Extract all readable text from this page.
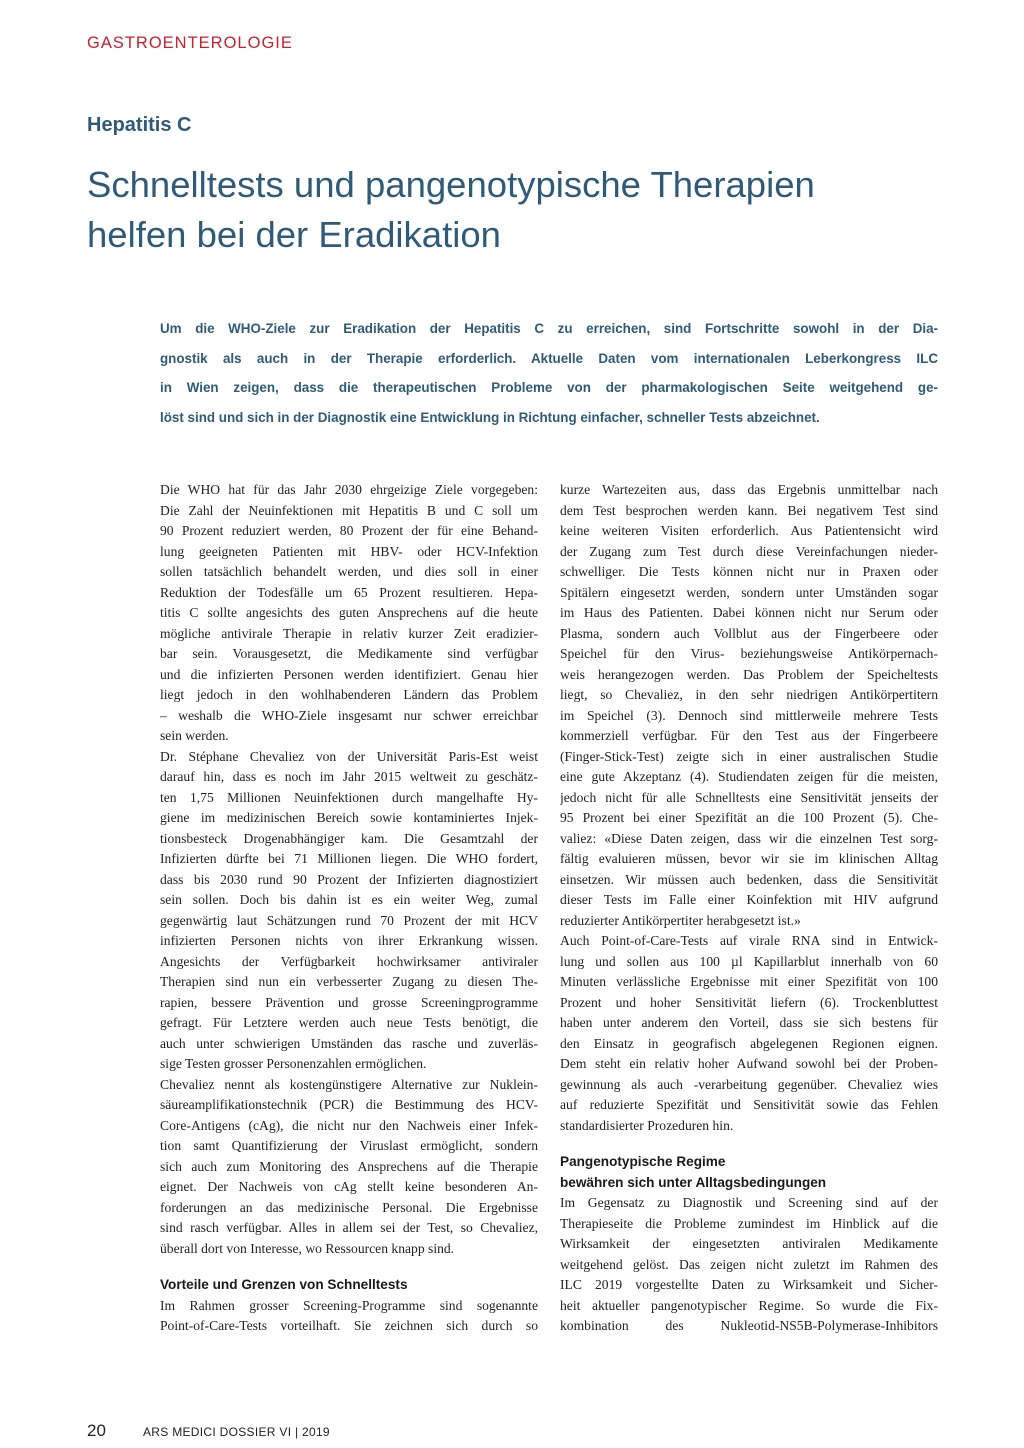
GASTROENTEROLOGIE
Hepatitis C
Schnelltests und pangenotypische Therapien
helfen bei der Eradikation
Um die WHO-Ziele zur Eradikation der Hepatitis C zu erreichen, sind Fortschritte sowohl in der Dia-
gnostik als auch in der Therapie erforderlich. Aktuelle Daten vom internationalen Leberkongress ILC
in Wien zeigen, dass die therapeutischen Probleme von der pharmakologischen Seite weitgehend ge-
löst sind und sich in der Diagnostik eine Entwicklung in Richtung einfacher, schneller Tests abzeichnet.
Die WHO hat für das Jahr 2030 ehrgeizige Ziele vorgegeben:
Die Zahl der Neuinfektionen mit Hepatitis B und C soll um
90 Prozent reduziert werden, 80 Prozent der für eine Behand-
lung geeigneten Patienten mit HBV- oder HCV-Infektion
sollen tatsächlich behandelt werden, und dies soll in einer
Reduktion der Todesfälle um 65 Prozent resultieren. Hepa-
titis C sollte angesichts des guten Ansprechens auf die heute
mögliche antivirale Therapie in relativ kurzer Zeit eradizier-
bar sein. Vorausgesetzt, die Medikamente sind verfügbar
und die infizierten Personen werden identifiziert. Genau hier
liegt jedoch in den wohlhabenderen Ländern das Problem
– weshalb die WHO-Ziele insgesamt nur schwer erreichbar
sein werden.
Dr. Stéphane Chevaliez von der Universität Paris-Est weist
darauf hin, dass es noch im Jahr 2015 weltweit zu geschätz-
ten 1,75 Millionen Neuinfektionen durch mangelhafte Hy-
giene im medizinischen Bereich sowie kontaminiertes Injek-
tionsbesteck Drogenabhängiger kam. Die Gesamtzahl der
Infizierten dürfte bei 71 Millionen liegen. Die WHO fordert,
dass bis 2030 rund 90 Prozent der Infizierten diagnostiziert
sein sollen. Doch bis dahin ist es ein weiter Weg, zumal
gegenwärtig laut Schätzungen rund 70 Prozent der mit HCV
infizierten Personen nichts von ihrer Erkrankung wissen.
Angesichts der Verfügbarkeit hochwirksamer antiviraler
Therapien sind nun ein verbesserter Zugang zu diesen The-
rapien, bessere Prävention und grosse Screeningprogramme
gefragt. Für Letztere werden auch neue Tests benötigt, die
auch unter schwierigen Umständen das rasche und zuverläs-
sige Testen grosser Personenzahlen ermöglichen.
Chevaliez nennt als kostengünstigere Alternative zur Nuklein-
säureamplifikationstechnik (PCR) die Bestimmung des HCV-
Core-Antigens (cAg), die nicht nur den Nachweis einer Infek-
tion samt Quantifizierung der Viruslast ermöglicht, sondern
sich auch zum Monitoring des Ansprechens auf die Therapie
eignet. Der Nachweis von cAg stellt keine besonderen An-
forderungen an das medizinische Personal. Die Ergebnisse
sind rasch verfügbar. Alles in allem sei der Test, so Chevaliez,
überall dort von Interesse, wo Ressourcen knapp sind.
Vorteile und Grenzen von Schnelltests
Im Rahmen grosser Screening-Programme sind sogenannte
Point-of-Care-Tests vorteilhaft. Sie zeichnen sich durch so
kurze Wartezeiten aus, dass das Ergebnis unmittelbar nach
dem Test besprochen werden kann. Bei negativem Test sind
keine weiteren Visiten erforderlich. Aus Patientensicht wird
der Zugang zum Test durch diese Vereinfachungen nieder-
schwelliger. Die Tests können nicht nur in Praxen oder
Spitälern eingesetzt werden, sondern unter Umständen sogar
im Haus des Patienten. Dabei können nicht nur Serum oder
Plasma, sondern auch Vollblut aus der Fingerbeere oder
Speichel für den Virus- beziehungsweise Antikörpernach-
weis herangezogen werden. Das Problem der Speicheltests
liegt, so Chevaliez, in den sehr niedrigen Antikörpertitern
im Speichel (3). Dennoch sind mittlerweile mehrere Tests
kommerziell verfügbar. Für den Test aus der Fingerbeere
(Finger-Stick-Test) zeigte sich in einer australischen Studie
eine gute Akzeptanz (4). Studiendaten zeigen für die meisten,
jedoch nicht für alle Schnelltests eine Sensitivität jenseits der
95 Prozent bei einer Spezifität an die 100 Prozent (5). Che-
valiez: «Diese Daten zeigen, dass wir die einzelnen Test sorg-
fältig evaluieren müssen, bevor wir sie im klinischen Alltag
einsetzen. Wir müssen auch bedenken, dass die Sensitivität
dieser Tests im Falle einer Koinfektion mit HIV aufgrund
reduzierter Antikörpertiter herabgesetzt ist.»
Auch Point-of-Care-Tests auf virale RNA sind in Entwick-
lung und sollen aus 100 µl Kapillarblut innerhalb von 60
Minuten verlässliche Ergebnisse mit einer Spezifität von 100
Prozent und hoher Sensitivität liefern (6). Trockenbluttest
haben unter anderem den Vorteil, dass sie sich bestens für
den Einsatz in geografisch abgelegenen Regionen eignen.
Dem steht ein relativ hoher Aufwand sowohl bei der Proben-
gewinnung als auch -verarbeitung gegenüber. Chevaliez wies
auf reduzierte Spezifität und Sensitivität sowie das Fehlen
standardisierter Prozeduren hin.
Pangenotypische Regime
bewähren sich unter Alltagsbedingungen
Im Gegensatz zu Diagnostik und Screening sind auf der
Therapieseite die Probleme zumindest im Hinblick auf die
Wirksamkeit der eingesetzten antiviralen Medikamente
weitgehend gelöst. Das zeigen nicht zuletzt im Rahmen des
ILC 2019 vorgestellte Daten zu Wirksamkeit und Sicher-
heit aktueller pangenotypischer Regime. So wurde die Fix-
kombination des Nukleotid-NS5B-Polymerase-Inhibitors
20	ARS MEDICI DOSSIER VI | 2019
